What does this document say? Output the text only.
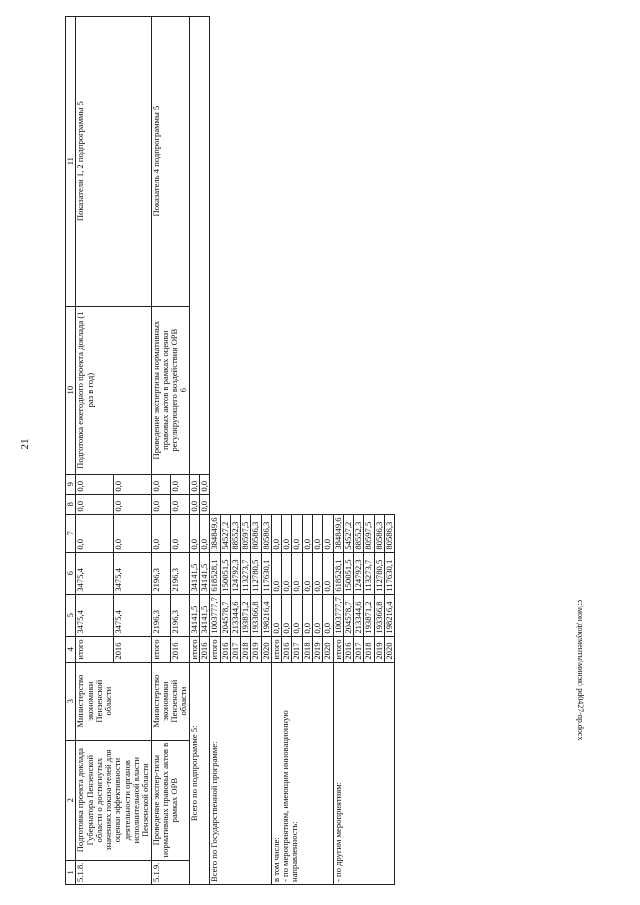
21
c:\мои документы\минэк\ pd0427-np.docx
1	2	3	4	5	6	7	8	9	10	11
5.1.8.	Подготовка проекта доклада Губернатора Пензенской области о достигнутых значениях показа-телей для оценки эффективности деятельности органов исполнительной власти Пензенской области	Министерство экономики Пензенской области	итого	3475,4	3475,4	0,0	0,0	0,0	Подготовка ежегодного проекта доклада (1 раз в год)	Показатели 1, 2 подпрограммы 5
			2016	3475,4	3475,4	0,0	0,0	0,0		
5.1.9.	Проведение экспер-тизы нормативных правовых актов в рамках ОРВ	Министерство экономики Пензенской области	итого	2196,3	2196,3	0,0	0,0	0,0	Проведение экспертизы нормативных правовых актов в рамках оценки регулирующего воздействия ОРВ 6	Показатель 4 подпрограммы 5
			2016	2196,3	2196,3	0,0	0,0	0,0		
Всего по подпрограмме 5:			итого	34141,5	34141,5	0,0	0,0	0,0		
			2016	34141,5	34141,5	0,0	0,0	0,0		

Всего по Государственной программе:			итого	1003777,7	618528,1	384849,6				
			2016	204578,7	150051,5	54527,2				
			2017	213344,6	124792,3	88552,3				
			2018	193871,2	113273,7	80597,5				
			2019	193366,8	112780,5	80586,3				
			2020	198216,4	117630,1	80586,3				

в том числе: - по мероприятиям, имеющим инновационную направленность:			итого	0,0	0,0	0,0				
			2016	0,0	0,0	0,0				
			2017	0,0	0,0	0,0				
			2018	0,0	0,0	0,0				
			2019	0,0	0,0	0,0				
			2020	0,0	0,0	0,0				

- по другим мероприятиям:			итого	1003777,7	618528,1	384849,6				
			2016	204578,7	150051,5	54527,2				
			2017	213344,6	124792,3	88552,3				
			2018	193871,2	113273,7	80597,5				
			2019	193366,8	112780,5	80586,3				
			2020	198216,4	117630,1	80586,3				
